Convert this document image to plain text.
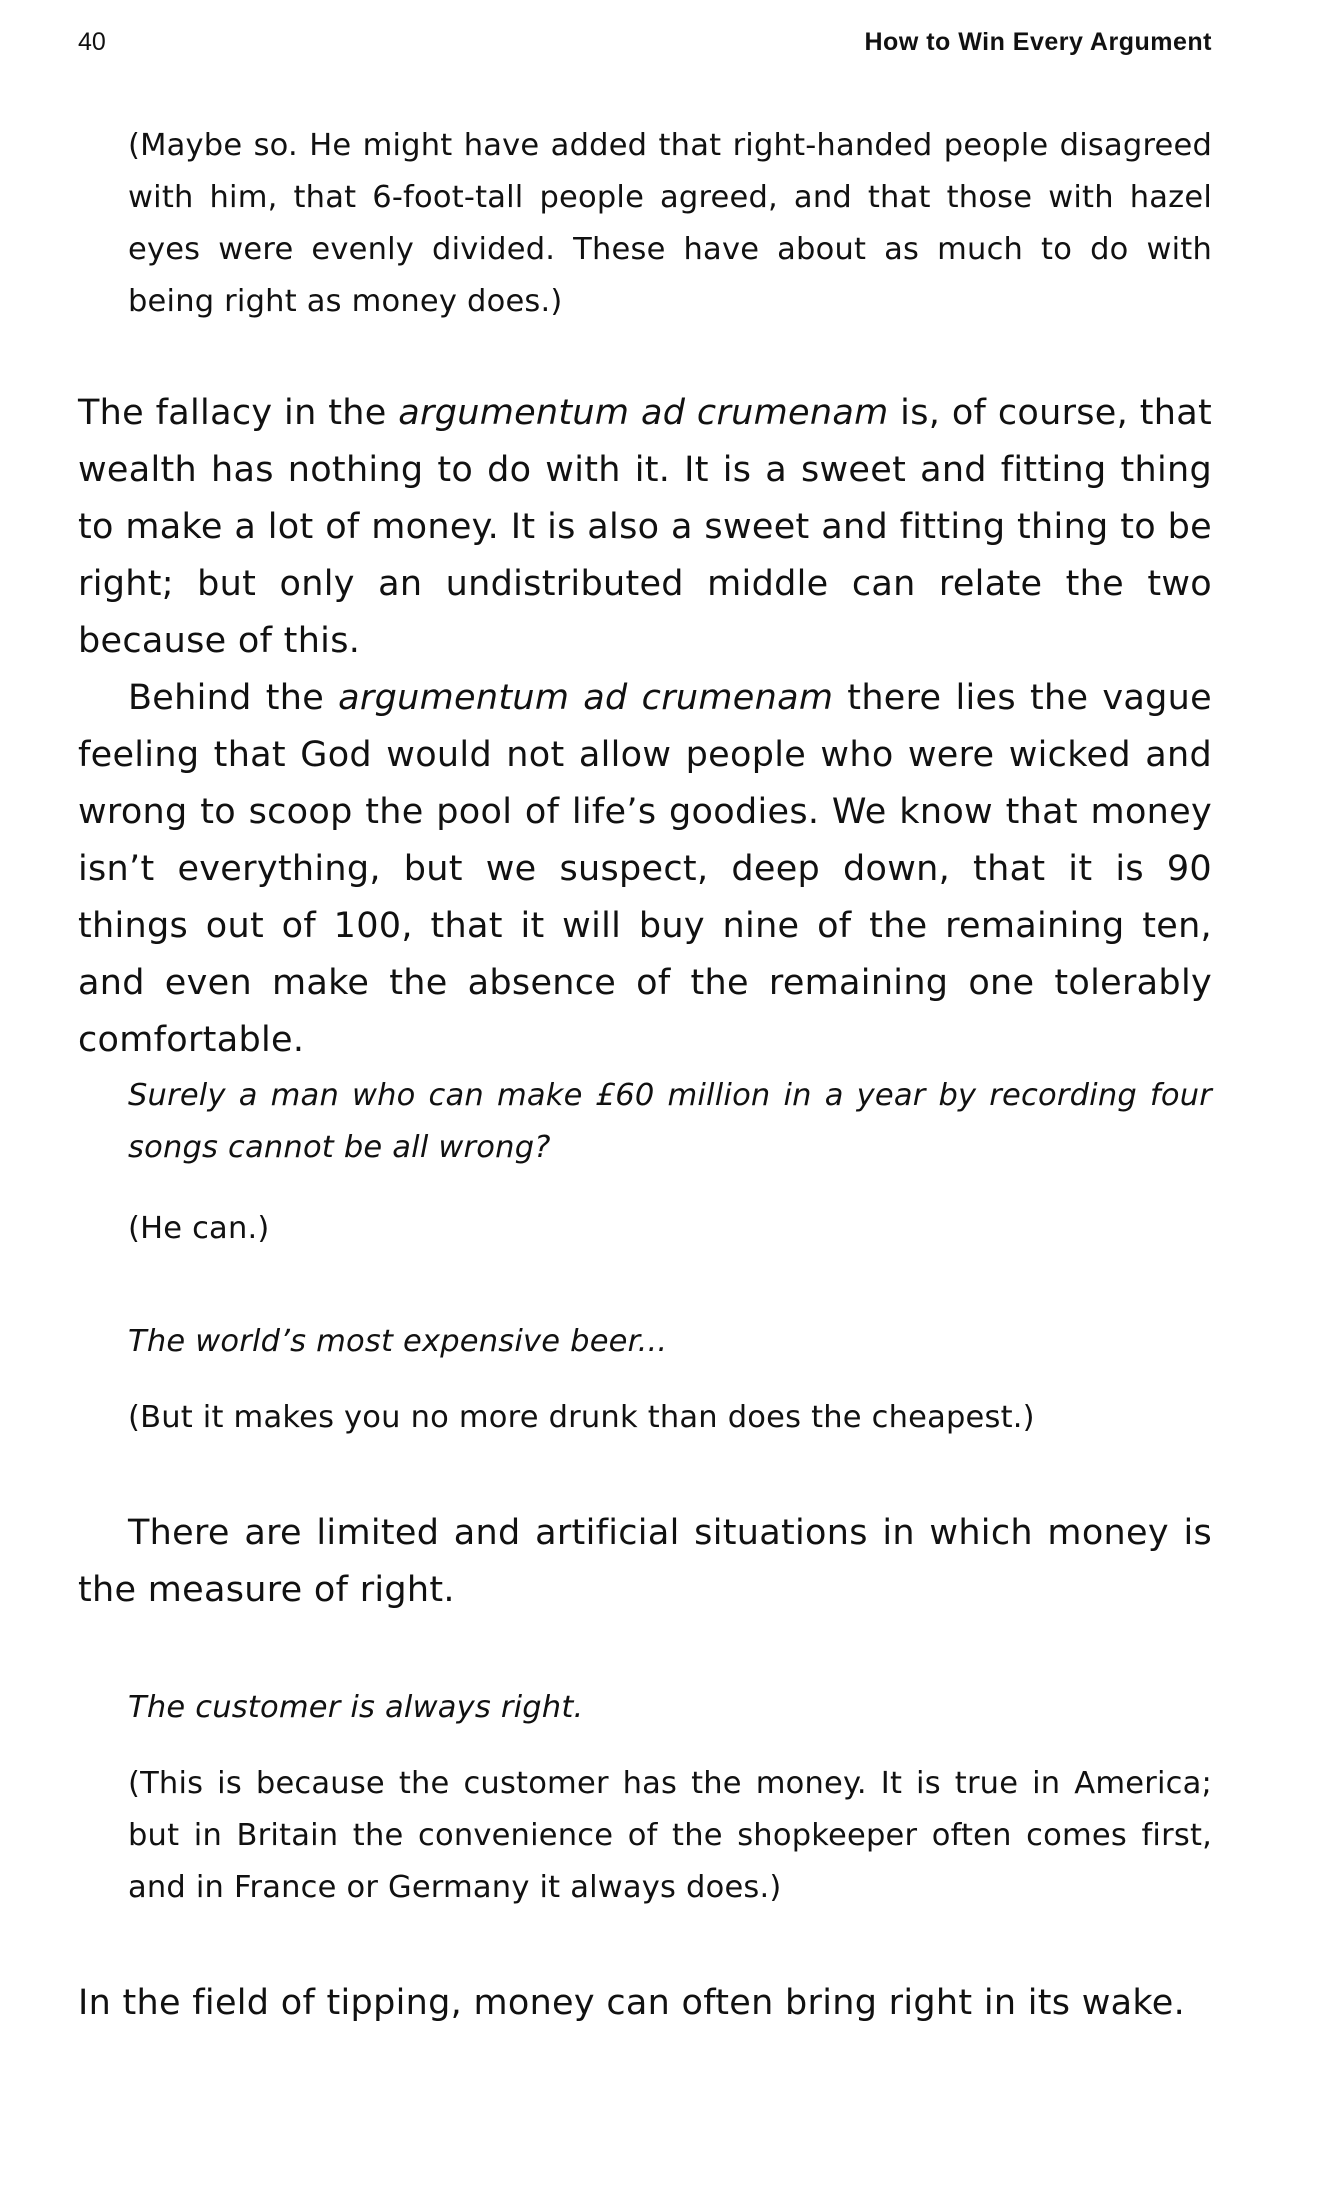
40	How to Win Every Argument

(Maybe so. He might have added that right-handed people disagreed with him, that 6-foot-tall people agreed, and that those with hazel eyes were evenly divided. These have about as much to do with being right as money does.)

The fallacy in the argumentum ad crumenam is, of course, that wealth has nothing to do with it. It is a sweet and fitting thing to make a lot of money. It is also a sweet and fitting thing to be right; but only an undistributed middle can relate the two because of this.

Behind the argumentum ad crumenam there lies the vague feeling that God would not allow people who were wicked and wrong to scoop the pool of life’s goodies. We know that money isn’t everything, but we suspect, deep down, that it is 90 things out of 100, that it will buy nine of the remaining ten, and even make the absence of the remaining one tolerably comfortable.

Surely a man who can make £60 million in a year by recording four songs cannot be all wrong?

(He can.)

The world’s most expensive beer...

(But it makes you no more drunk than does the cheapest.)

There are limited and artificial situations in which money is the measure of right.

The customer is always right.

(This is because the customer has the money. It is true in America; but in Britain the convenience of the shopkeeper often comes first, and in France or Germany it always does.)

In the field of tipping, money can often bring right in its wake.
